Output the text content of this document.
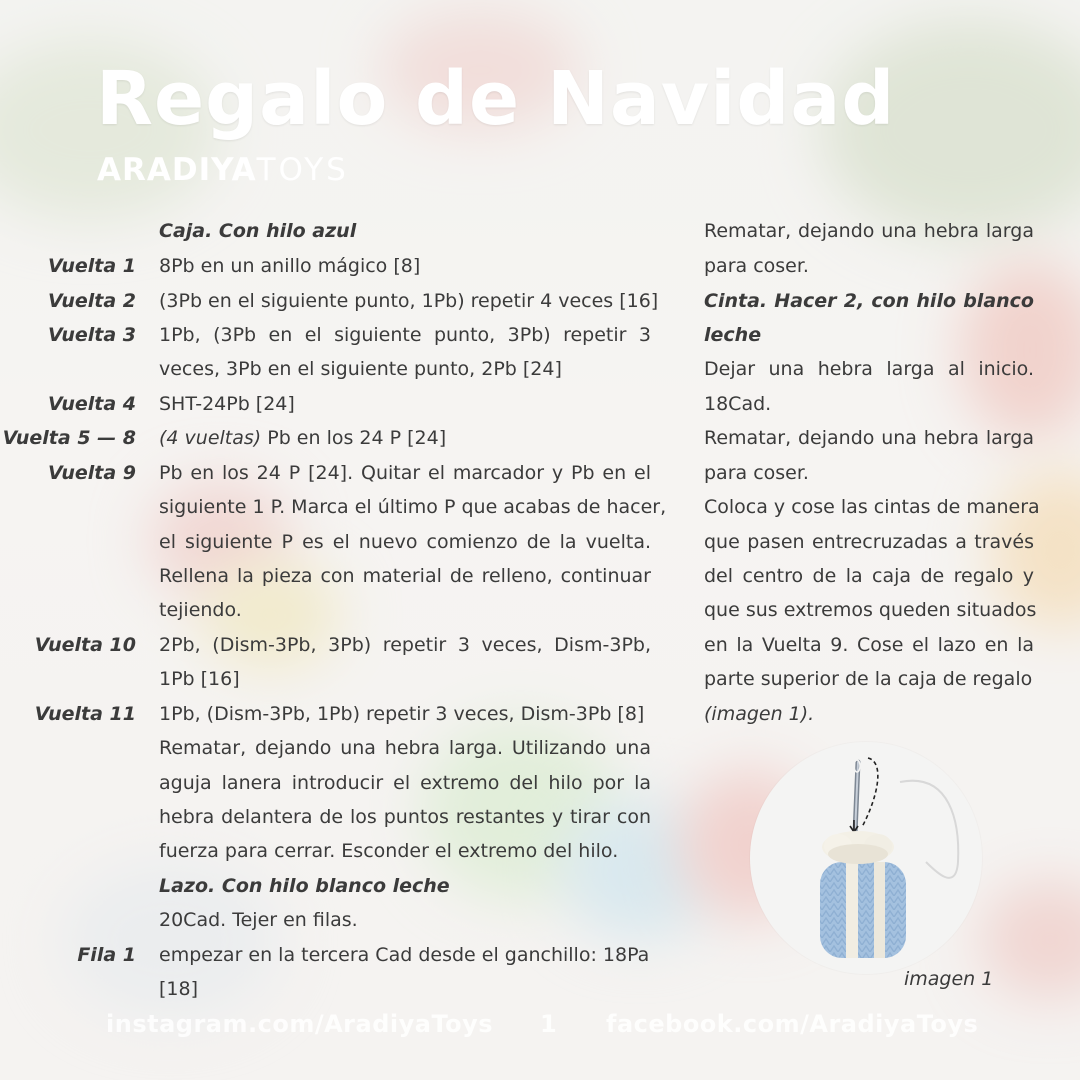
Regalo de Navidad
ARADIYATOYS
Caja. Con hilo azul
Vuelta 1 8Pb en un anillo mágico [8]
Vuelta 2 (3Pb en el siguiente punto, 1Pb) repetir 4 veces [16]
Vuelta 3 1Pb, (3Pb en el siguiente punto, 3Pb) repetir 3
veces, 3Pb en el siguiente punto, 2Pb [24]
Vuelta 4 SHT-24Pb [24]
Vuelta 5 — 8 (4 vueltas) Pb en los 24 P [24]
Vuelta 9 Pb en los 24 P [24]. Quitar el marcador y Pb en el
siguiente 1 P. Marca el último P que acabas de hacer,
el siguiente P es el nuevo comienzo de la vuelta.
Rellena la pieza con material de relleno, continuar
tejiendo.
Vuelta 10 2Pb, (Dism-3Pb, 3Pb) repetir 3 veces, Dism-3Pb,
1Pb [16]
Vuelta 11 1Pb, (Dism-3Pb, 1Pb) repetir 3 veces, Dism-3Pb [8]
Rematar, dejando una hebra larga. Utilizando una
aguja lanera introducir el extremo del hilo por la
hebra delantera de los puntos restantes y tirar con
fuerza para cerrar. Esconder el extremo del hilo.
Lazo. Con hilo blanco leche
20Cad. Tejer en filas.
Fila 1 empezar en la tercera Cad desde el ganchillo: 18Pa
[18]
Rematar, dejando una hebra larga
para coser.
Cinta. Hacer 2, con hilo blanco
leche
Dejar una hebra larga al inicio.
18Cad.
Rematar, dejando una hebra larga
para coser.
Coloca y cose las cintas de manera
que pasen entrecruzadas a través
del centro de la caja de regalo y
que sus extremos queden situados
en la Vuelta 9. Cose el lazo en la
parte superior de la caja de regalo
(imagen 1).
imagen 1
instagram.com/AradiyaToys 1 facebook.com/AradiyaToys
